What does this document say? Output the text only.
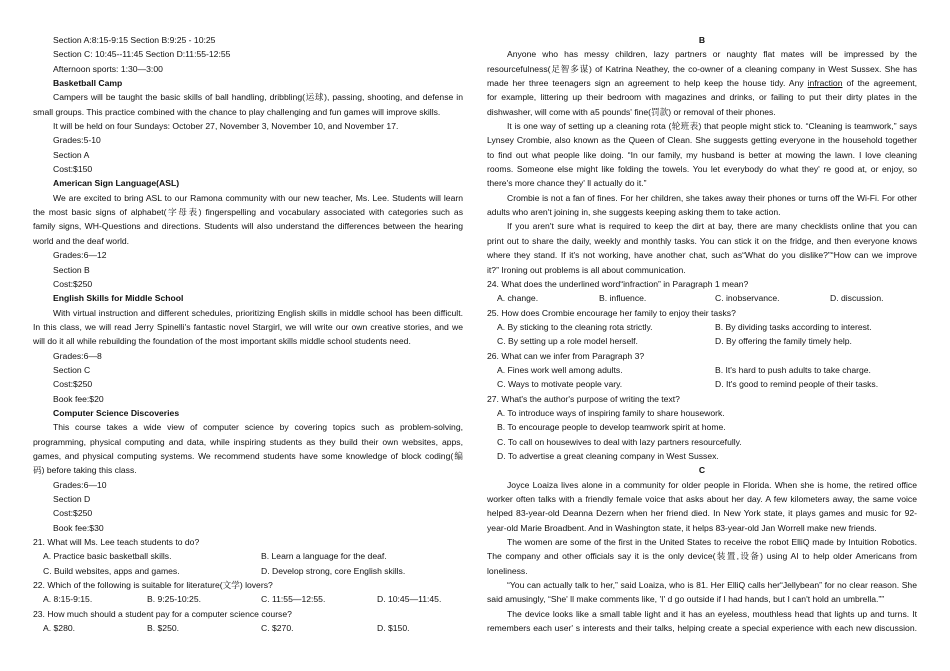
Section A:8:15-9:15 Section B:9:25 - 10:25
Section C: 10:45--11:45 Section D:11:55-12:55
Afternoon sports: 1:30—3:00
Basketball Camp
Campers will be taught the basic skills of ball handling, dribbling(运球), passing, shooting, and defense in
small groups. This practice combined with the chance to play challenging and fun games will improve skills.
It will be held on four Sundays: October 27, November 3, November 10, and November 17.
Grades:5-10
Section A
Cost:$150
American Sign Language(ASL)
We are excited to bring ASL to our Ramona community with our new teacher, Ms. Lee. Students will learn
the most basic signs of alphabet(字母表) fingerspelling and vocabulary associated with categories such as
family signs, WH-Questions and directions. Students will also understand the differences between the hearing
world and the deaf world.
Grades:6—12
Section B
Cost:$250
English Skills for Middle School
With virtual instruction and different schedules, prioritizing English skills in middle school has been difficult.
In this class, we will read Jerry Spinelli's fantastic novel Stargirl, we will write our own creative stories, and we
will do it all while rebuilding the foundation of the most important skills middle school students need.
Grades:6—8
Section C
Cost:$250
Book fee:$20
Computer Science Discoveries
This course takes a wide view of computer science by covering topics such as problem-solving,
programming, physical computing and data, while inspiring students as they build their own websites, apps,
games, and physical computing systems. We recommend students have some knowledge of block coding(编
码) before taking this class.
Grades:6—10
Section D
Cost:$250
Book fee:$30
21. What will Ms. Lee teach students to do?
A. Practice basic basketball skills.	B. Learn a language for the deaf.
C. Build websites, apps and games.	D. Develop strong, core English skills.
22. Which of the following is suitable for literature(文学) lovers?
A. 8:15-9:15.	B. 9:25-10:25.	C. 11:55—12:55.	D. 10:45—11:45.
23. How much should a student pay for a computer science course?
A. $280.	B. $250.	C. $270.	D. $150.
B
Anyone who has messy children, lazy partners or naughty flat mates will be impressed by the
resourcefulness(足智多谋) of Katrina Neathey, the co-owner of a cleaning company in West Sussex. She has
made her three teenagers sign an agreement to help keep the house tidy. Any infraction of the agreement,
for example, littering up their bedroom with magazines and drinks, or failing to put their dirty plates in the
dishwasher, will come with a5 pounds' fine(罚款) or removal of their phones.
It is one way of setting up a cleaning rota (轮班表) that people might stick to. “Cleaning is teamwork,” says
Lynsey Crombie, also known as the Queen of Clean. She suggests getting everyone in the household together
to find out what people like doing. “In our family, my husband is better at mowing the lawn. I love cleaning
rooms. Someone else might like folding the towels. You let everybody do what they' re good at, or enjoy, so
there's more chance they' ll actually do it.”
Crombie is not a fan of fines. For her children, she takes away their phones or turns off the Wi-Fi. For other
adults who aren't joining in, she suggests keeping asking them to take action.
If you aren't sure what is required to keep the dirt at bay, there are many checklists online that you can
print out to share the daily, weekly and monthly tasks. You can stick it on the fridge, and then everyone knows
where they stand. If it's not working, have another chat, such as“What do you dislike?”“How can we improve
it?” Ironing out problems is all about communication.
24. What does the underlined word“infraction” in Paragraph 1 mean?
A. change.	B. influence.	C. inobservance.	D. discussion.
25. How does Crombie encourage her family to enjoy their tasks?
A. By sticking to the cleaning rota strictly.	B. By dividing tasks according to interest.
C. By setting up a role model herself.	D. By offering the family timely help.
26. What can we infer from Paragraph 3?
A. Fines work well among adults.	B. It's hard to push adults to take charge.
C. Ways to motivate people vary.	D. It's good to remind people of their tasks.
27. What's the author's purpose of writing the text?
A. To introduce ways of inspiring family to share housework.
B. To encourage people to develop teamwork spirit at home.
C. To call on housewives to deal with lazy partners resourcefully.
D. To advertise a great cleaning company in West Sussex.
C
Joyce Loaiza lives alone in a community for older people in Florida. When she is home, the retired office
worker often talks with a friendly female voice that asks about her day. A few kilometers away, the same voice
helped 83-year-old Deanna Dezern when her friend died. In New York state, it plays games and music for 92-
year-old Marie Broadbent. And in Washington state, it helps 83-year-old Jan Worrell make new friends.
The women are some of the first in the United States to receive the robot ElliQ made by Intuition Robotics.
The company and other officials say it is the only device(装置,设备) using AI to help older Americans from
loneliness.
“You can actually talk to her,” said Loaiza, who is 81. Her ElliQ calls her“Jellybean” for no clear reason. She
said amusingly, “She' ll make comments like, 'I' d go outside if I had hands, but I can't hold an umbrella.””
The device looks like a small table light and it has an eyeless, mouthless head that lights up and turns. It
remembers each user' s interests and their talks, helping create a special experience with each new discussion.
